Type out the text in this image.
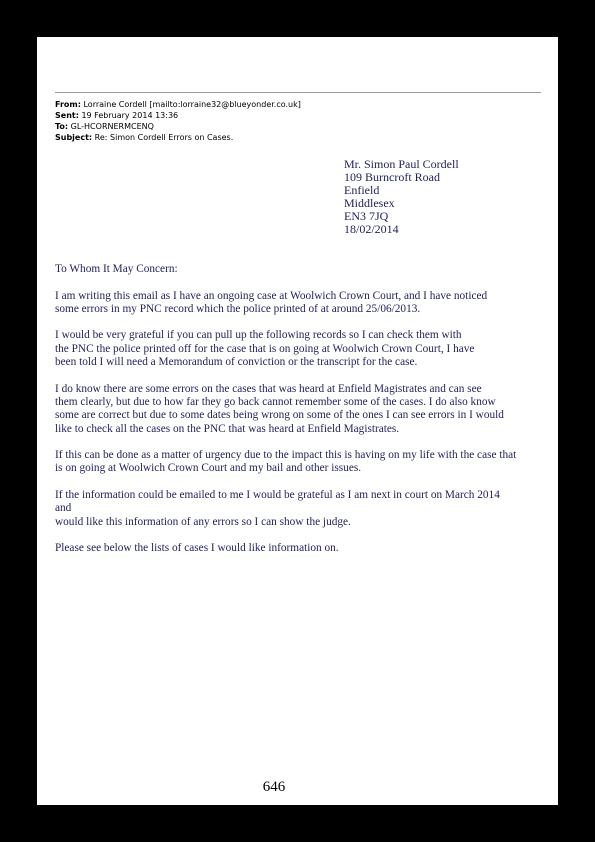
From: Lorraine Cordell [mailto:lorraine32@blueyonder.co.uk]
Sent: 19 February 2014 13:36
To: GL-HCORNERMCENQ
Subject: Re: Simon Cordell Errors on Cases.
Mr. Simon Paul Cordell
109 Burncroft Road
Enfield
Middlesex
EN3 7JQ
18/02/2014

To Whom It May Concern:

I am writing this email as I have an ongoing case at Woolwich Crown Court, and I have noticed
some errors in my PNC record which the police printed of at around 25/06/2013.

I would be very grateful if you can pull up the following records so I can check them with
the PNC the police printed off for the case that is on going at Woolwich Crown Court, I have
been told I will need a Memorandum of conviction or the transcript for the case.

I do know there are some errors on the cases that was heard at Enfield Magistrates and can see
them clearly, but due to how far they go back cannot remember some of the cases. I do also know
some are correct but due to some dates being wrong on some of the ones I can see errors in I would
like to check all the cases on the PNC that was heard at Enfield Magistrates.

If this can be done as a matter of urgency due to the impact this is having on my life with the case that
is on going at Woolwich Crown Court and my bail and other issues.

If the information could be emailed to me I would be grateful as I am next in court on March 2014
and
would like this information of any errors so I can show the judge.

Please see below the lists of cases I would like information on.

646
